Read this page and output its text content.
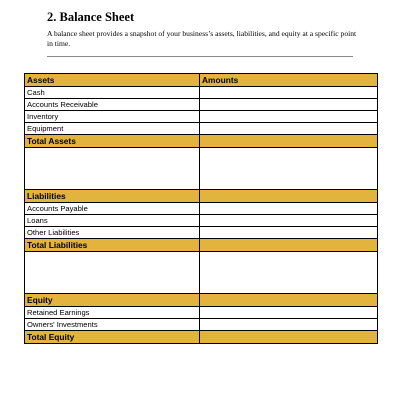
2. Balance Sheet

A balance sheet provides a snapshot of your business’s assets, liabilities, and equity at a specific point in time.

Assets	Amounts
Cash	
Accounts Receivable	
Inventory	
Equipment	
Total Assets	

Liabilities	
Accounts Payable	
Loans	
Other Liabilities	
Total Liabilities	

Equity	
Retained Earnings	
Owners' Investments	
Total Equity	
